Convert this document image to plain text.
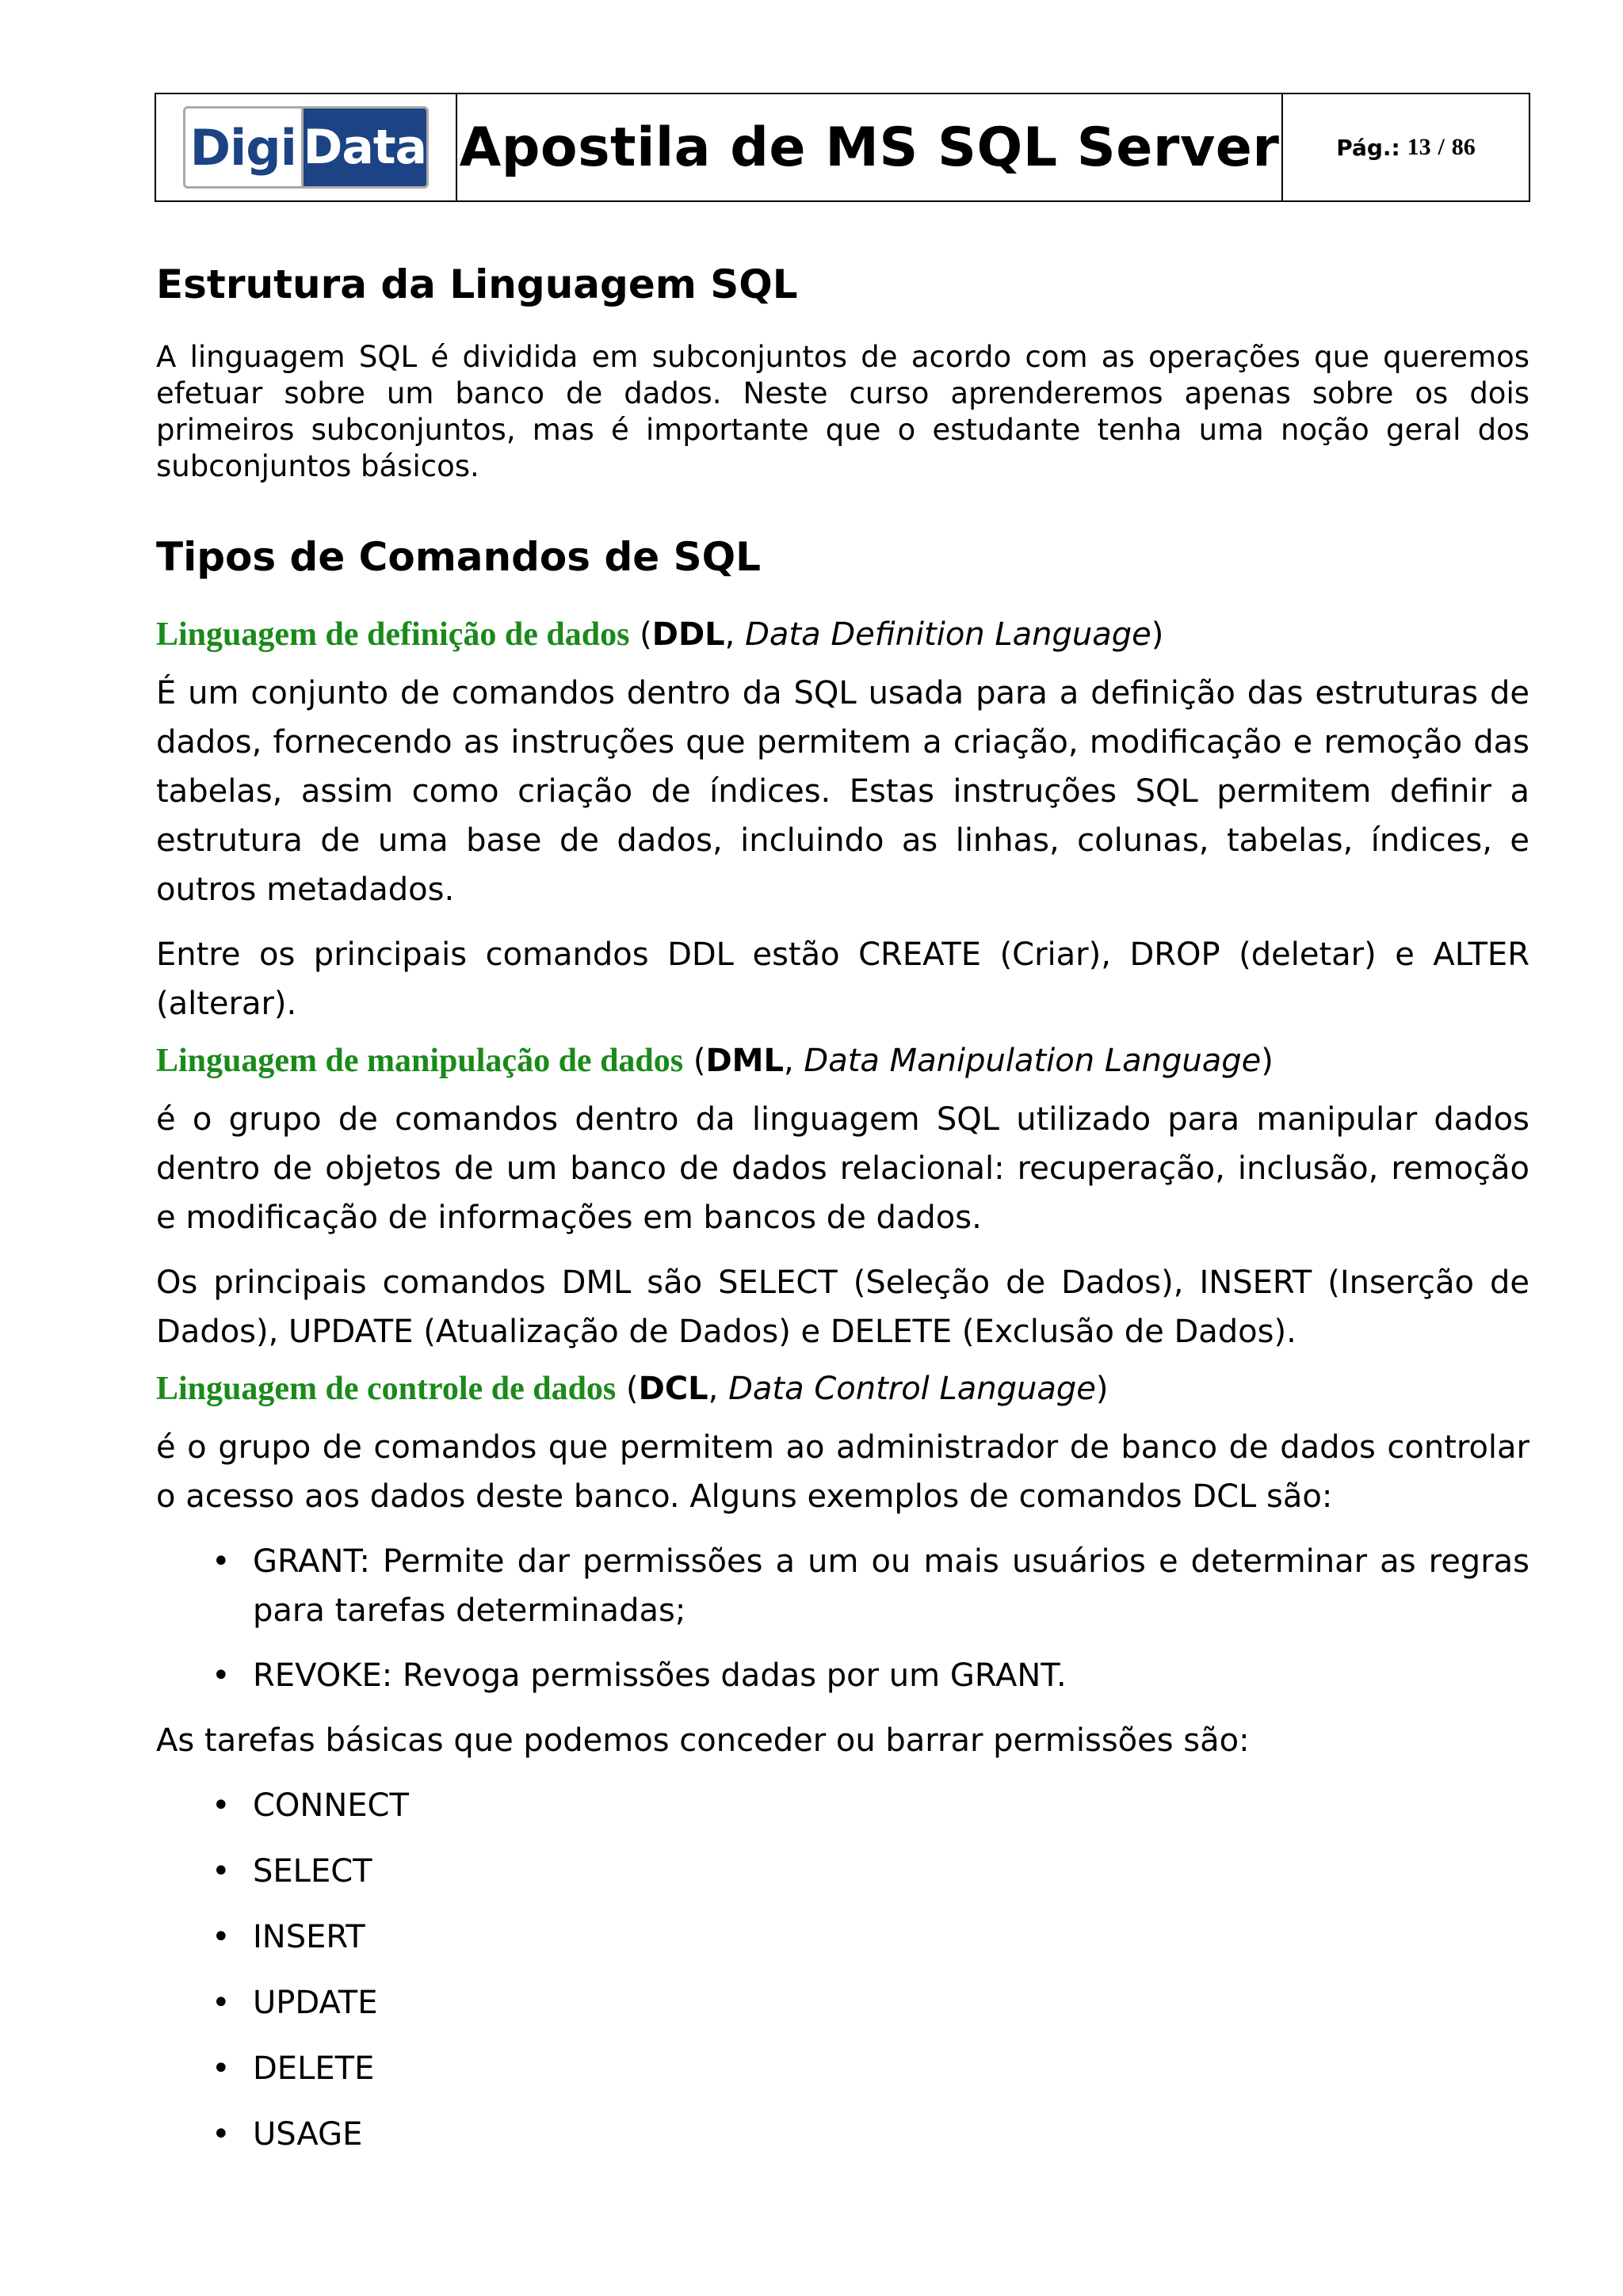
Digi Data Apostila de MS SQL Server	Pág.:
13
/
86
Estrutura da Linguagem SQL

A linguagem SQL é dividida em subconjuntos de acordo com as operações que queremos efetuar sobre um banco de dados. Neste curso aprenderemos apenas sobre os dois primeiros subconjuntos, mas é importante que o estudante tenha uma noção geral dos subconjuntos básicos.

Tipos de Comandos de SQL

Linguagem de definição de dados (DDL, Data Definition Language)

É um conjunto de comandos dentro da SQL usada para a definição das estruturas de dados, fornecendo as instruções que permitem a criação, modificação e remoção das tabelas, assim como criação de índices. Estas instruções SQL permitem definir a estrutura de uma base de dados, incluindo as linhas, colunas, tabelas, índices, e outros metadados.

Entre os principais comandos DDL estão CREATE (Criar), DROP (deletar) e ALTER (alterar).

Linguagem de manipulação de dados (DML, Data Manipulation Language)

é o grupo de comandos dentro da linguagem SQL utilizado para manipular dados dentro de objetos de um banco de dados relacional: recuperação, inclusão, remoção e modificação de informações em bancos de dados.

Os principais comandos DML são SELECT (Seleção de Dados), INSERT (Inserção de Dados), UPDATE (Atualização de Dados) e DELETE (Exclusão de Dados).

Linguagem de controle de dados (DCL, Data Control Language)

é o grupo de comandos que permitem ao administrador de banco de dados controlar o acesso aos dados deste banco. Alguns exemplos de comandos DCL são:

• GRANT: Permite dar permissões a um ou mais usuários e determinar as regras para tarefas determinadas;
• REVOKE: Revoga permissões dadas por um GRANT.

As tarefas básicas que podemos conceder ou barrar permissões são:

• CONNECT
• SELECT
• INSERT
• UPDATE
• DELETE
• USAGE
